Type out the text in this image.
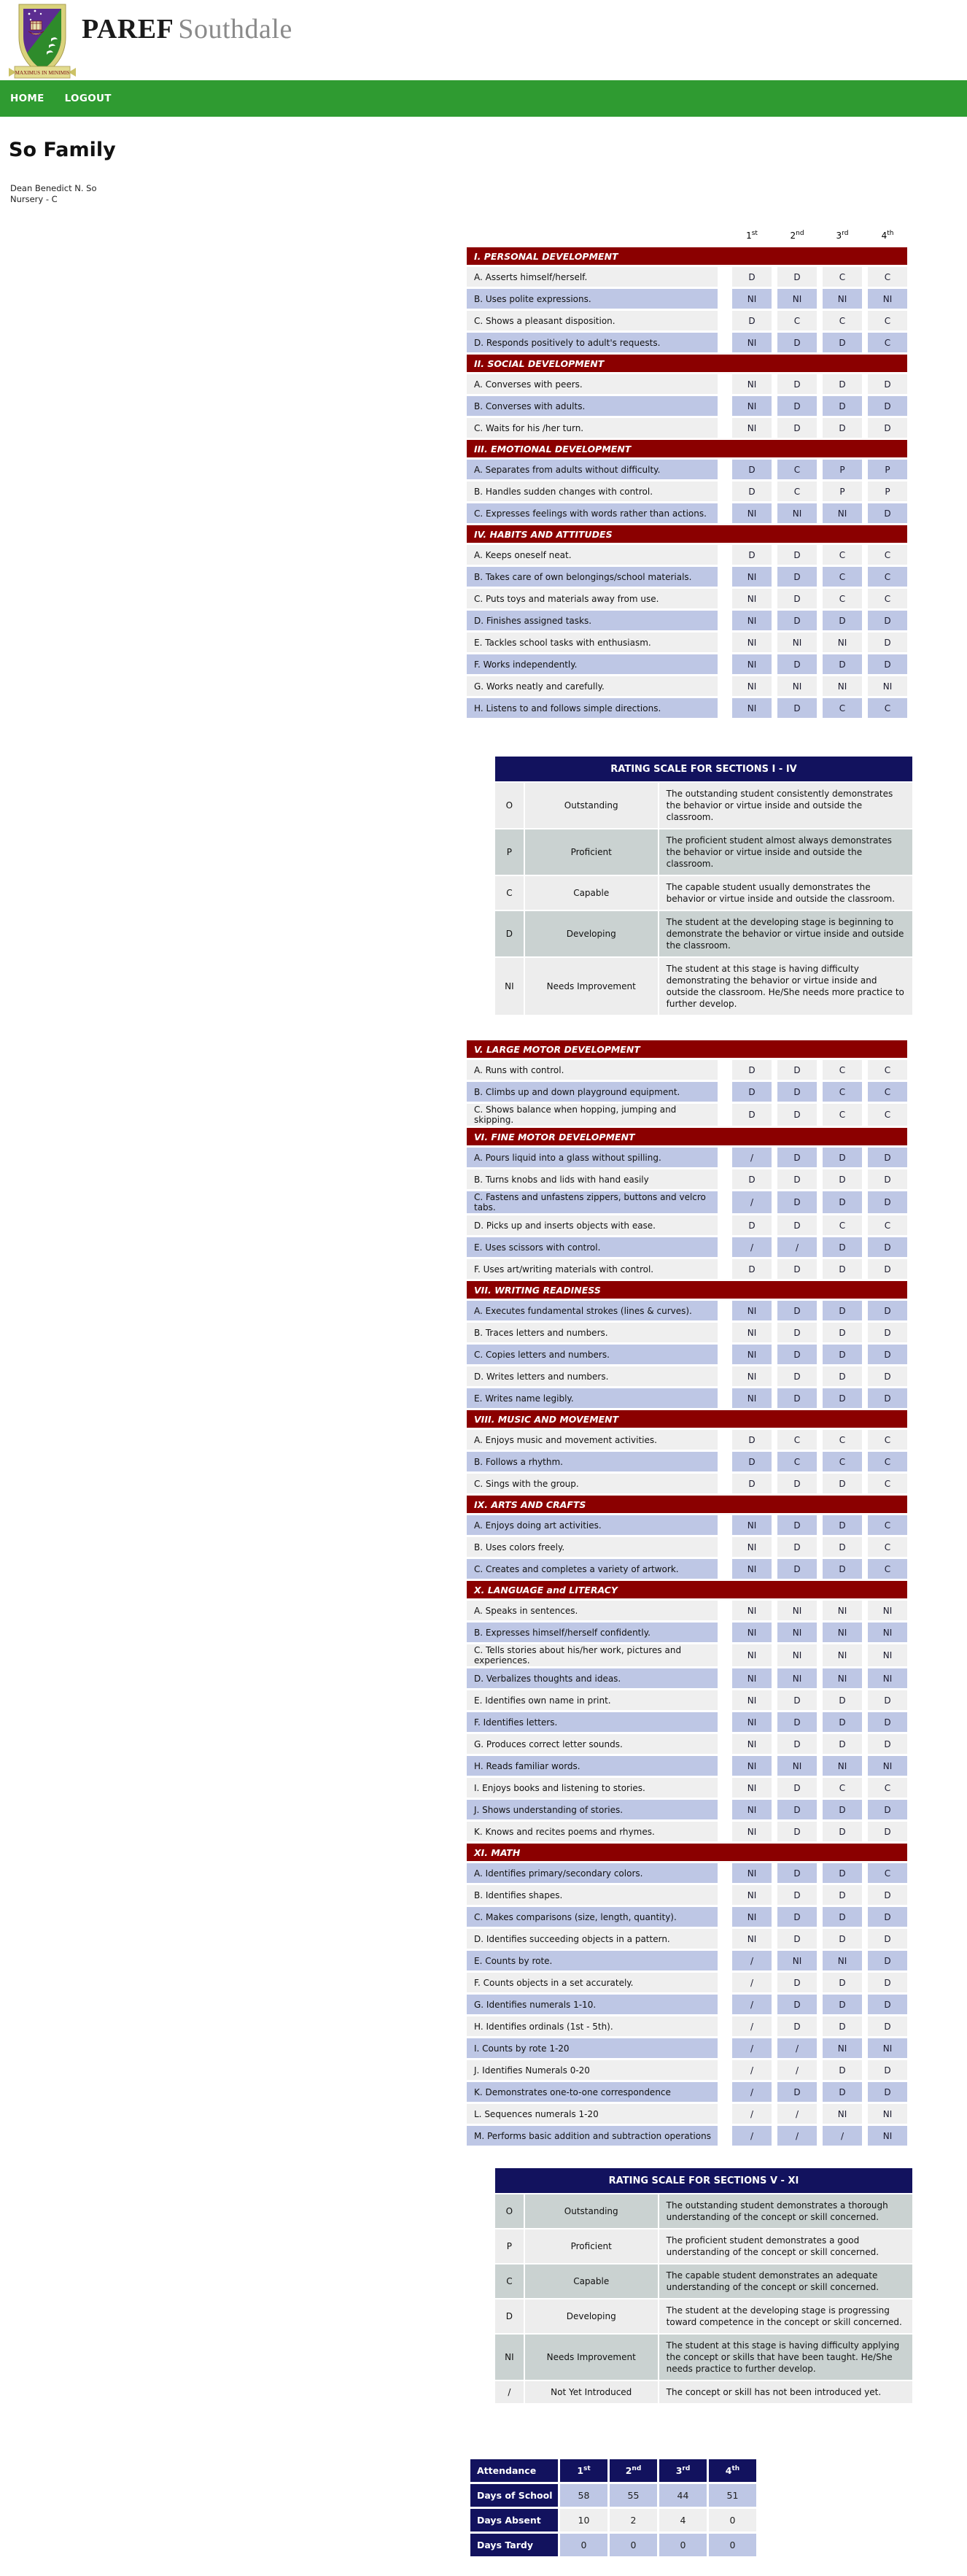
MAXIMUS IN MINIMIS
PAREF Southdale
HOME LOGOUT
So Family
Dean Benedict N. So
Nursery - C
	1st	2nd	3rd	4th
I. PERSONAL DEVELOPMENT				
A. Asserts himself/herself.	D	D	C	C
B. Uses polite expressions.	NI	NI	NI	NI
C. Shows a pleasant disposition.	D	C	C	C
D. Responds positively to adult's requests.	NI	D	D	C
II. SOCIAL DEVELOPMENT				
A. Converses with peers.	NI	D	D	D
B. Converses with adults.	NI	D	D	D
C. Waits for his /her turn.	NI	D	D	D
III. EMOTIONAL DEVELOPMENT				
A. Separates from adults without difficulty.	D	C	P	P
B. Handles sudden changes with control.	D	C	P	P
C. Expresses feelings with words rather than actions.	NI	NI	NI	D
IV. HABITS AND ATTITUDES				
A. Keeps oneself neat.	D	D	C	C
B. Takes care of own belongings/school materials.	NI	D	C	C
C. Puts toys and materials away from use.	NI	D	C	C
D. Finishes assigned tasks.	NI	D	D	D
E. Tackles school tasks with enthusiasm.	NI	NI	NI	D
F. Works independently.	NI	D	D	D
G. Works neatly and carefully.	NI	NI	NI	NI
H. Listens to and follows simple directions.	NI	D	C	C
RATING SCALE FOR SECTIONS I - IV		
O	Outstanding	The outstanding student consistently demonstrates the behavior or virtue inside and outside the classroom.
P	Proficient	The proficient student almost always demonstrates the behavior or virtue inside and outside the classroom.
C	Capable	The capable student usually demonstrates the behavior or virtue inside and outside the classroom.
D	Developing	The student at the developing stage is beginning to demonstrate the behavior or virtue inside and outside the classroom.
NI	Needs Improvement	The student at this stage is having difficulty demonstrating the behavior or virtue inside and outside the classroom. He/She needs more practice to further develop.
V. LARGE MOTOR DEVELOPMENT				
A. Runs with control.	D	D	C	C
B. Climbs up and down playground equipment.	D	D	C	C
C. Shows balance when hopping, jumping and skipping.	D	D	C	C
VI. FINE MOTOR DEVELOPMENT				
A. Pours liquid into a glass without spilling.	/	D	D	D
B. Turns knobs and lids with hand easily	D	D	D	D
C. Fastens and unfastens zippers, buttons and velcro tabs.	/	D	D	D
D. Picks up and inserts objects with ease.	D	D	C	C
E. Uses scissors with control.	/	/	D	D
F. Uses art/writing materials with control.	D	D	D	D
VII. WRITING READINESS				
A. Executes fundamental strokes (lines & curves).	NI	D	D	D
B. Traces letters and numbers.	NI	D	D	D
C. Copies letters and numbers.	NI	D	D	D
D. Writes letters and numbers.	NI	D	D	D
E. Writes name legibly.	NI	D	D	D
VIII. MUSIC AND MOVEMENT				
A. Enjoys music and movement activities.	D	C	C	C
B. Follows a rhythm.	D	C	C	C
C. Sings with the group.	D	D	D	C
IX. ARTS AND CRAFTS				
A. Enjoys doing art activities.	NI	D	D	C
B. Uses colors freely.	NI	D	D	C
C. Creates and completes a variety of artwork.	NI	D	D	C
X. LANGUAGE and LITERACY				
A. Speaks in sentences.	NI	NI	NI	NI
B. Expresses himself/herself confidently.	NI	NI	NI	NI
C. Tells stories about his/her work, pictures and experiences.	NI	NI	NI	NI
D. Verbalizes thoughts and ideas.	NI	NI	NI	NI
E. Identifies own name in print.	NI	D	D	D
F. Identifies letters.	NI	D	D	D
G. Produces correct letter sounds.	NI	D	D	D
H. Reads familiar words.	NI	NI	NI	NI
I. Enjoys books and listening to stories.	NI	D	C	C
J. Shows understanding of stories.	NI	D	D	D
K. Knows and recites poems and rhymes.	NI	D	D	D
XI. MATH				
A. Identifies primary/secondary colors.	NI	D	D	C
B. Identifies shapes.	NI	D	D	D
C. Makes comparisons (size, length, quantity).	NI	D	D	D
D. Identifies succeeding objects in a pattern.	NI	D	D	D
E. Counts by rote.	/	NI	NI	D
F. Counts objects in a set accurately.	/	D	D	D
G. Identifies numerals 1-10.	/	D	D	D
H. Identifies ordinals (1st - 5th).	/	D	D	D
I. Counts by rote 1-20	/	/	NI	NI
J. Identifies Numerals 0-20	/	/	D	D
K. Demonstrates one-to-one correspondence	/	D	D	D
L. Sequences numerals 1-20	/	/	NI	NI
M. Performs basic addition and subtraction operations	/	/	/	NI
RATING SCALE FOR SECTIONS V - XI		
O	Outstanding	The outstanding student demonstrates a thorough understanding of the concept or skill concerned.
P	Proficient	The proficient student demonstrates a good understanding of the concept or skill concerned.
C	Capable	The capable student demonstrates an adequate understanding of the concept or skill concerned.
D	Developing	The student at the developing stage is progressing toward competence in the concept or skill concerned.
NI	Needs Improvement	The student at this stage is having difficulty applying the concept or skills that have been taught. He/She needs practice to further develop.
/	Not Yet Introduced	The concept or skill has not been introduced yet.
Attendance	1st	2nd	3rd	4th
Days of School	58	55	44	51
Days Absent	10	2	4	0
Days Tardy	0	0	0	0
